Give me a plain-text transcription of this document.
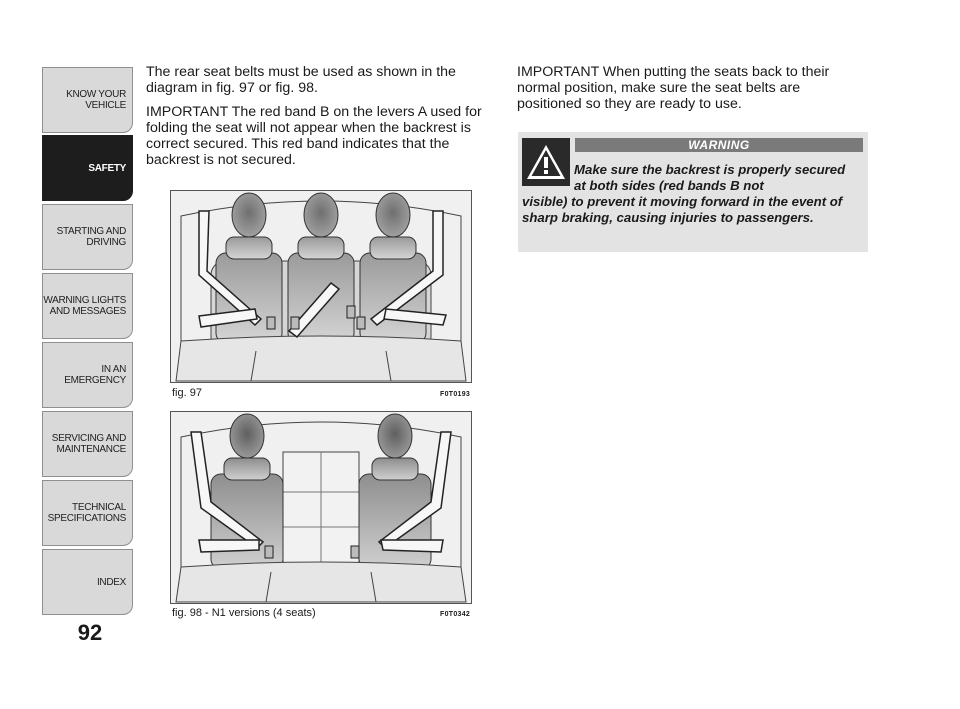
KNOW YOUR
VEHICLE
SAFETY
STARTING AND
DRIVING
WARNING LIGHTS
AND MESSAGES
IN AN EMERGENCY
SERVICING AND
MAINTENANCE
TECHNICAL
SPECIFICATIONS
INDEX
92

The rear seat belts must be used as shown in the diagram in fig. 97 or fig. 98.

IMPORTANT The red band B on the levers A used for folding the seat will not appear when the backrest is correct secured. This red band indicates that the backrest is not secured.

fig. 97	F0T0193
fig. 98 - N1 versions (4 seats)	F0T0342

IMPORTANT When putting the seats back to their normal position, make sure the seat belts are positioned so they are ready to use.

WARNING
Make sure the backrest is properly secured at both sides (red bands B not
visible) to prevent it moving forward in the event of sharp braking, causing injuries to passengers.
